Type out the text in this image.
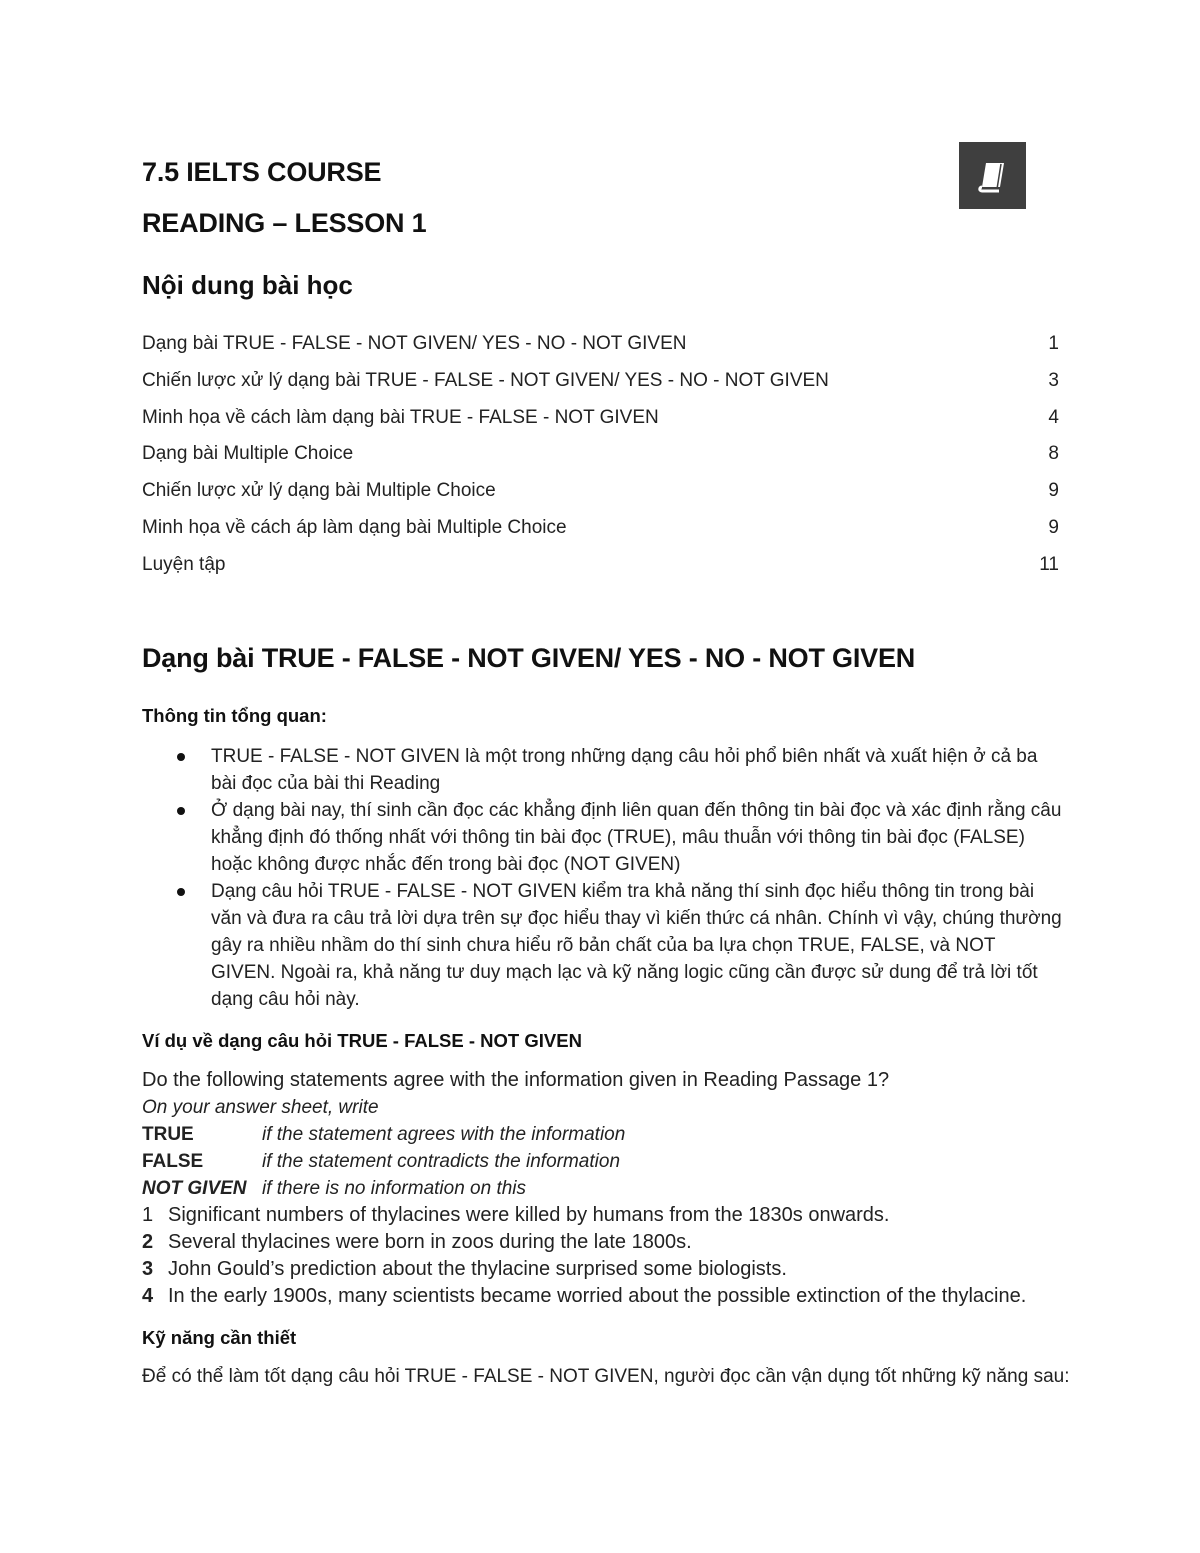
7.5 IELTS COURSE
READING – LESSON 1
Nội dung bài học
Dạng bài TRUE - FALSE - NOT GIVEN/ YES - NO - NOT GIVEN	1
Chiến lược xử lý dạng bài TRUE - FALSE - NOT GIVEN/ YES - NO - NOT GIVEN	3
Minh họa về cách làm dạng bài TRUE - FALSE - NOT GIVEN	4
Dạng bài Multiple Choice	8
Chiến lược xử lý dạng bài Multiple Choice	9
Minh họa về cách áp làm dạng bài Multiple Choice	9
Luyện tập	11
Dạng bài TRUE - FALSE - NOT GIVEN/ YES - NO - NOT GIVEN
Thông tin tổng quan:
TRUE - FALSE - NOT GIVEN là một trong những dạng câu hỏi phổ biên nhất và xuất hiện ở cả ba bài đọc của bài thi Reading
Ở dạng bài nay, thí sinh cần đọc các khẳng định liên quan đến thông tin bài đọc và xác định rằng câu khẳng định đó thống nhất với thông tin bài đọc (TRUE), mâu thuẫn với thông tin bài đọc (FALSE) hoặc không được nhắc đến trong bài đọc (NOT GIVEN)
Dạng câu hỏi TRUE - FALSE - NOT GIVEN kiểm tra khả năng thí sinh đọc hiểu thông tin trong bài văn và đưa ra câu trả lời dựa trên sự đọc hiểu thay vì kiến thức cá nhân. Chính vì vậy, chúng thường gây ra nhiều nhầm do thí sinh chưa hiểu rõ bản chất của ba lựa chọn TRUE, FALSE, và NOT GIVEN. Ngoài ra, khả năng tư duy mạch lạc và kỹ năng logic cũng cần được sử dung để trả lời tốt dạng câu hỏi này.
Ví dụ về dạng câu hỏi TRUE - FALSE - NOT GIVEN
Do the following statements agree with the information given in Reading Passage 1?
On your answer sheet, write
TRUE	if the statement agrees with the information
FALSE	if the statement contradicts the information
NOT GIVEN if there is no information on this
1 Significant numbers of thylacines were killed by humans from the 1830s onwards.
2 Several thylacines were born in zoos during the late 1800s.
3 John Gould’s prediction about the thylacine surprised some biologists.
4 In the early 1900s, many scientists became worried about the possible extinction of the thylacine.
Kỹ năng cần thiết
Để có thể làm tốt dạng câu hỏi TRUE - FALSE - NOT GIVEN, người đọc cần vận dụng tốt những kỹ năng sau:
